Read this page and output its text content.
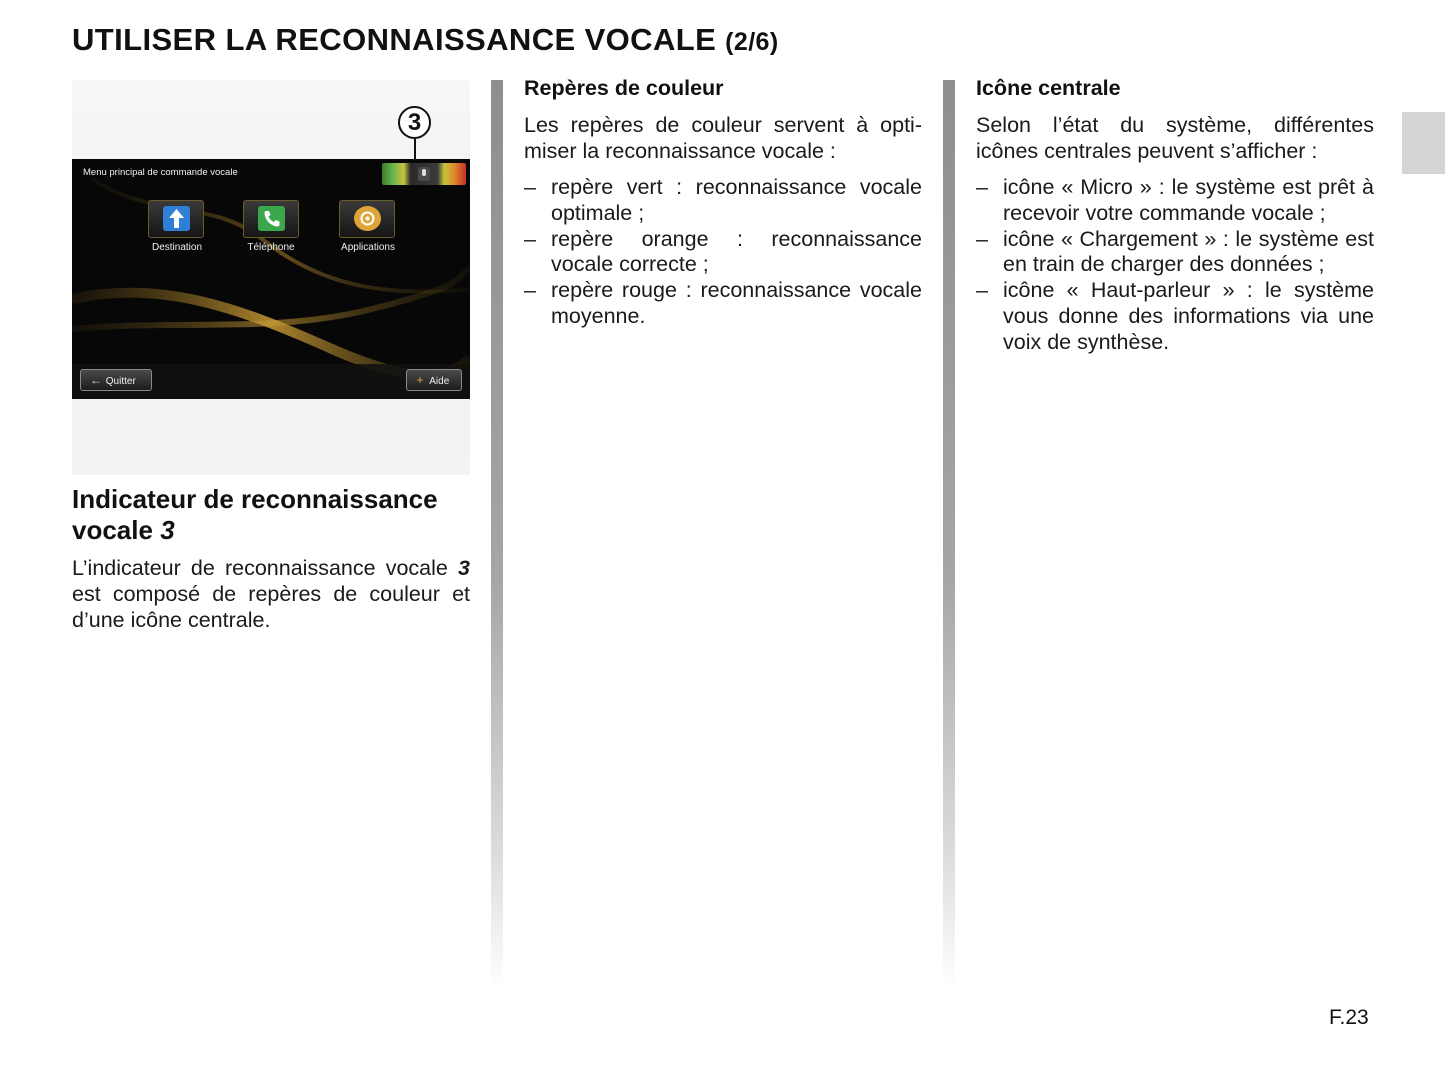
UTILISER LA RECONNAISSANCE VOCALE (2/6)
3
Menu principal de commande vocale
Destination	Téléphone	Applications
← Quitter	+ Aide
Indicateur de reconnaissance vocale 3
L’indicateur de reconnaissance vocale 3 est composé de repères de couleur et d’une icône centrale.
Repères de couleur
Les repères de couleur servent à optimiser la reconnaissance vocale :
– repère vert : reconnaissance vocale optimale ;
– repère orange : reconnaissance vocale correcte ;
– repère rouge : reconnaissance vocale moyenne.
Icône centrale
Selon l’état du système, différentes icônes centrales peuvent s’afficher :
– icône « Micro » : le système est prêt à recevoir votre commande vocale ;
– icône « Chargement » : le système est en train de charger des données ;
– icône « Haut-parleur » : le système vous donne des informations via une voix de synthèse.
F.23
